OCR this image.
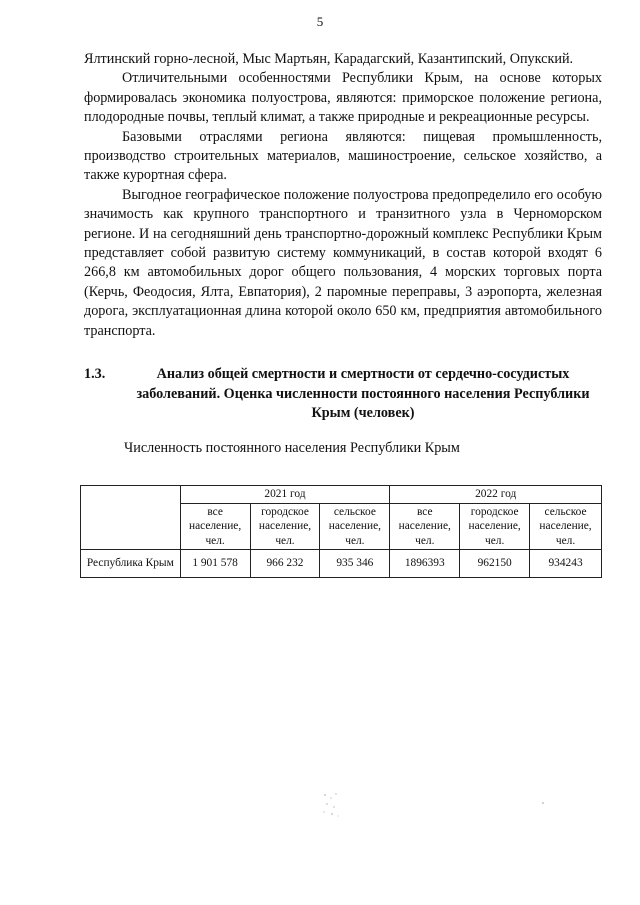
5

Ялтинский горно-лесной, Мыс Мартьян, Карадагский, Казантипский, Опукский.

Отличительными особенностями Республики Крым, на основе которых формировалась экономика полуострова, являются: приморское положение региона, плодородные почвы, теплый климат, а также природные и рекреационные ресурсы.

Базовыми отраслями региона являются: пищевая промышленность, производство строительных материалов, машиностроение, сельское хозяйство, а также курортная сфера.

Выгодное географическое положение полуострова предопределило его особую значимость как крупного транспортного и транзитного узла в Черноморском регионе. И на сегодняшний день транспортно-дорожный комплекс Республики Крым представляет собой развитую систему коммуникаций, в состав которой входят 6 266,8 км автомобильных дорог общего пользования, 4 морских торговых порта (Керчь, Феодосия, Ялта, Евпатория), 2 паромные переправы, 3 аэропорта, железная дорога, эксплуатационная длина которой около 650 км, предприятия автомобильного транспорта.

1.3.	Анализ общей смертности и смертности от сердечно-сосудистых заболеваний. Оценка численности постоянного населения Республики Крым (человек)
Численность постоянного населения Республики Крым
	2021 год			2022 год		
	все население, чел.	городское население, чел.	сельское население, чел.	все население, чел.	городское население, чел.	сельское население, чел.
Республика Крым	1 901 578	966 232	935 346	1896393	962150	934243
